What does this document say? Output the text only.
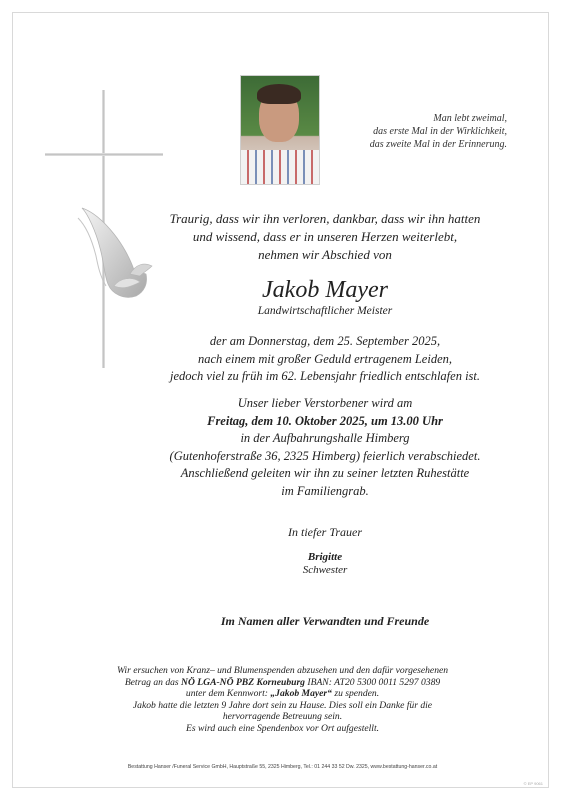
Man lebt zweimal,
das erste Mal in der Wirklichkeit,
das zweite Mal in der Erinnerung.
Traurig, dass wir ihn verloren, dankbar, dass wir ihn hatten
und wissend, dass er in unseren Herzen weiterlebt,
nehmen wir Abschied von
Jakob Mayer
Landwirtschaftlicher Meister
der am Donnerstag, dem 25. September 2025,
nach einem mit großer Geduld ertragenem Leiden,
jedoch viel zu früh im 62. Lebensjahr friedlich entschlafen ist.
Unser lieber Verstorbener wird am
Freitag, dem 10. Oktober 2025, um 13.00 Uhr
in der Aufbahrungshalle Himberg
(Gutenhoferstraße 36, 2325 Himberg) feierlich verabschiedet.
Anschließend geleiten wir ihn zu seiner letzten Ruhestätte
im Familiengrab.
In tiefer Trauer
Brigitte
Schwester
Im Namen aller Verwandten und Freunde
Wir ersuchen von Kranz– und Blumenspenden abzusehen und den dafür vorgesehenen
Betrag an das NÖ LGA-NÖ PBZ Korneuburg IBAN: AT20 5300 0011 5297 0389
unter dem Kennwort: „Jakob Mayer“ zu spenden.
Jakob hatte die letzten 9 Jahre dort sein zu Hause. Dies soll ein Danke für die
hervorragende Betreuung sein.
Es wird auch eine Spendenbox vor Ort aufgestellt.
Bestattung Hanser /Funeral Service GmbH, Hauptstraße 55, 2325 Himberg, Tel.: 01 244 33 52 Dw. 2325, www.bestattung-hanser.co.at
© EP 9061
